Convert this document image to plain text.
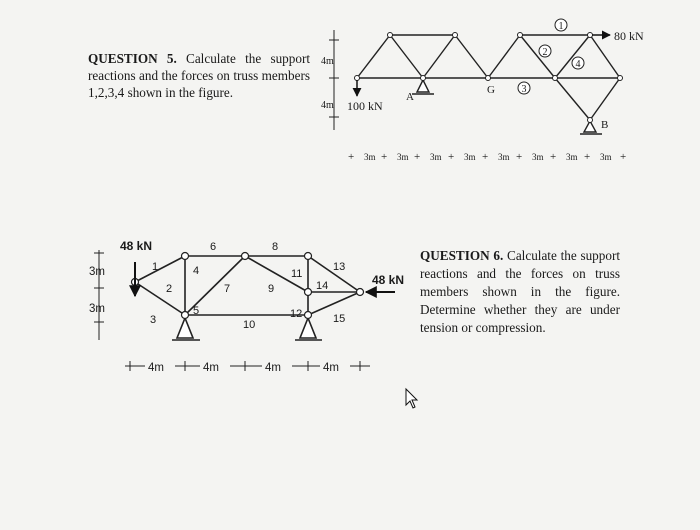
QUESTION 5. Calculate the support reactions and the forces on truss members 1,2,3,4 shown in the figure.
QUESTION 6. Calculate the support reactions and the forces on truss members shown in the figure. Determine whether they are under tension or compression.
1
2
3
4
80 kN
100 kN
4m
4m
A
B
G
+ 3m + 3m + 3m + 3m + 3m + 3m + 3m + 3m +
3m
3m
48 kN
48 kN
1
2
3
4
5
6
7
8
9
10
11
12
13
14
15
4m	4m	4m	4m
